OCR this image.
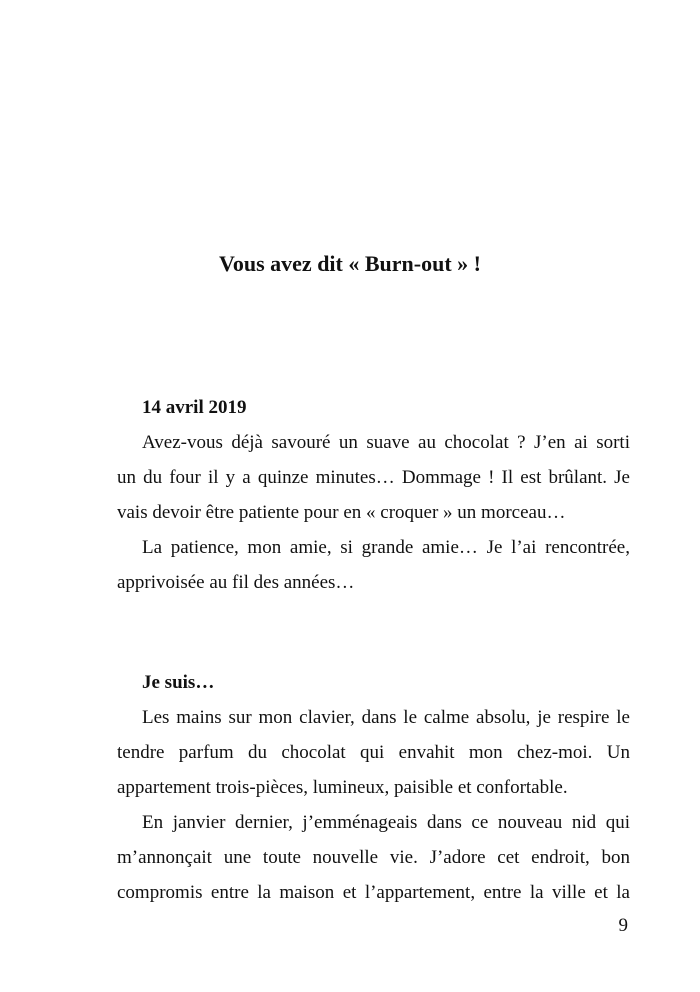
Vous avez dit « Burn-out » !
14 avril 2019
Avez-vous déjà savouré un suave au chocolat ? J’en ai sorti
un du four il y a quinze minutes… Dommage ! Il est brûlant. Je
vais devoir être patiente pour en « croquer » un morceau…
La patience, mon amie, si grande amie… Je l’ai rencontrée,
apprivoisée au fil des années…
Je suis…
Les mains sur mon clavier, dans le calme absolu, je respire le
tendre parfum du chocolat qui envahit mon chez-moi. Un
appartement trois-pièces, lumineux, paisible et confortable.
En janvier dernier, j’emménageais dans ce nouveau nid qui
m’annonçait une toute nouvelle vie. J’adore cet endroit, bon
compromis entre la maison et l’appartement, entre la ville et la
9
